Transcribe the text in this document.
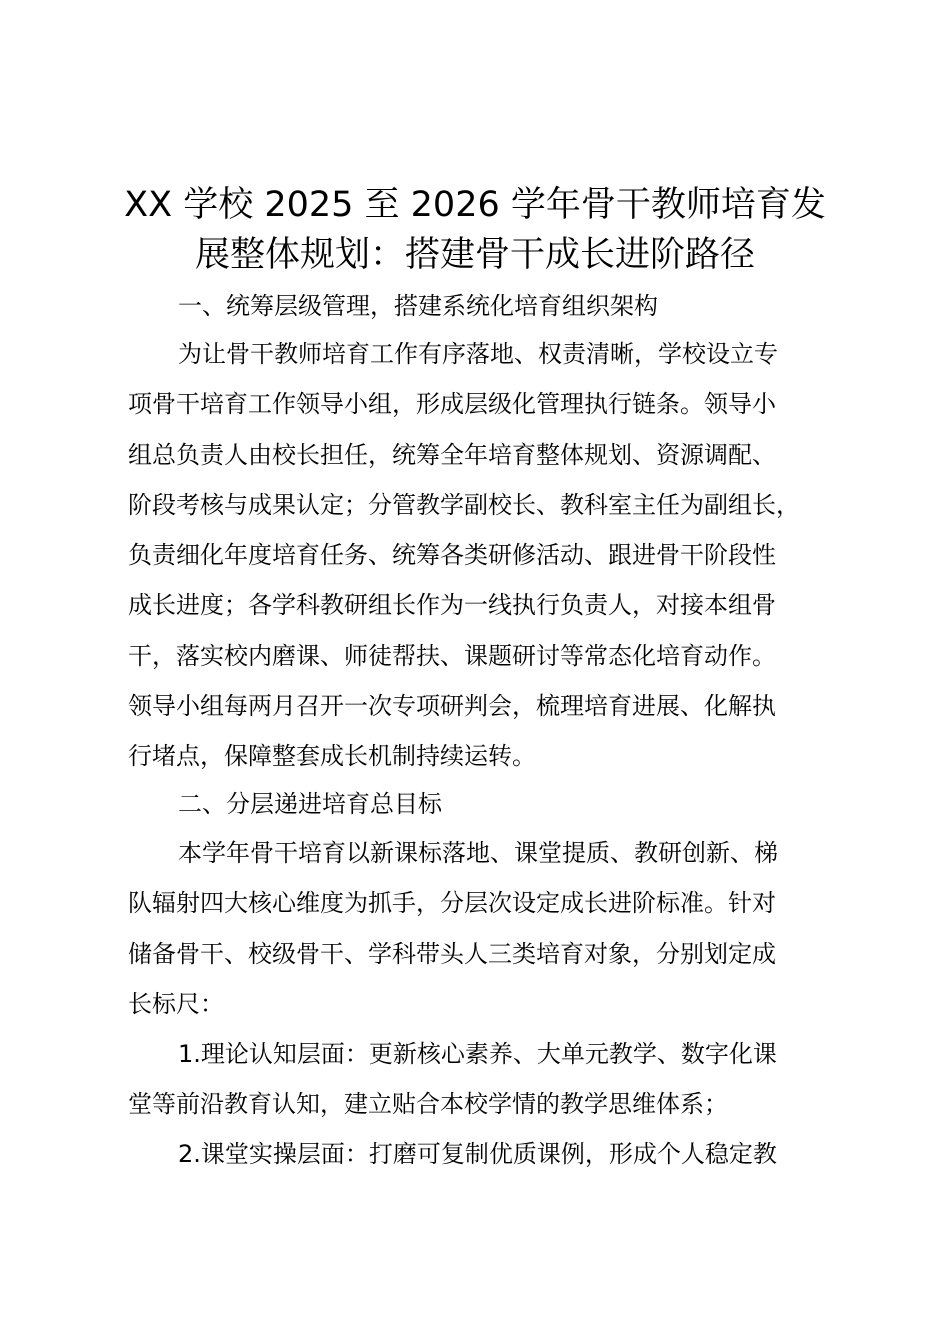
XX 学校 2025 至 2026 学年骨干教师培育发
展整体规划：搭建骨干成长进阶路径
一、统筹层级管理，搭建系统化培育组织架构
为让骨干教师培育工作有序落地、权责清晰，学校设立专
项骨干培育工作领导小组，形成层级化管理执行链条。领导小
组总负责人由校长担任，统筹全年培育整体规划、资源调配、
阶段考核与成果认定；分管教学副校长、教科室主任为副组长，
负责细化年度培育任务、统筹各类研修活动、跟进骨干阶段性
成长进度；各学科教研组长作为一线执行负责人，对接本组骨
干，落实校内磨课、师徒帮扶、课题研讨等常态化培育动作。
领导小组每两月召开一次专项研判会，梳理培育进展、化解执
行堵点，保障整套成长机制持续运转。
二、分层递进培育总目标
本学年骨干培育以新课标落地、课堂提质、教研创新、梯
队辐射四大核心维度为抓手，分层次设定成长进阶标准。针对
储备骨干、校级骨干、学科带头人三类培育对象，分别划定成
长标尺：
1.理论认知层面：更新核心素养、大单元教学、数字化课
堂等前沿教育认知，建立贴合本校学情的教学思维体系；
2.课堂实操层面：打磨可复制优质课例，形成个人稳定教
